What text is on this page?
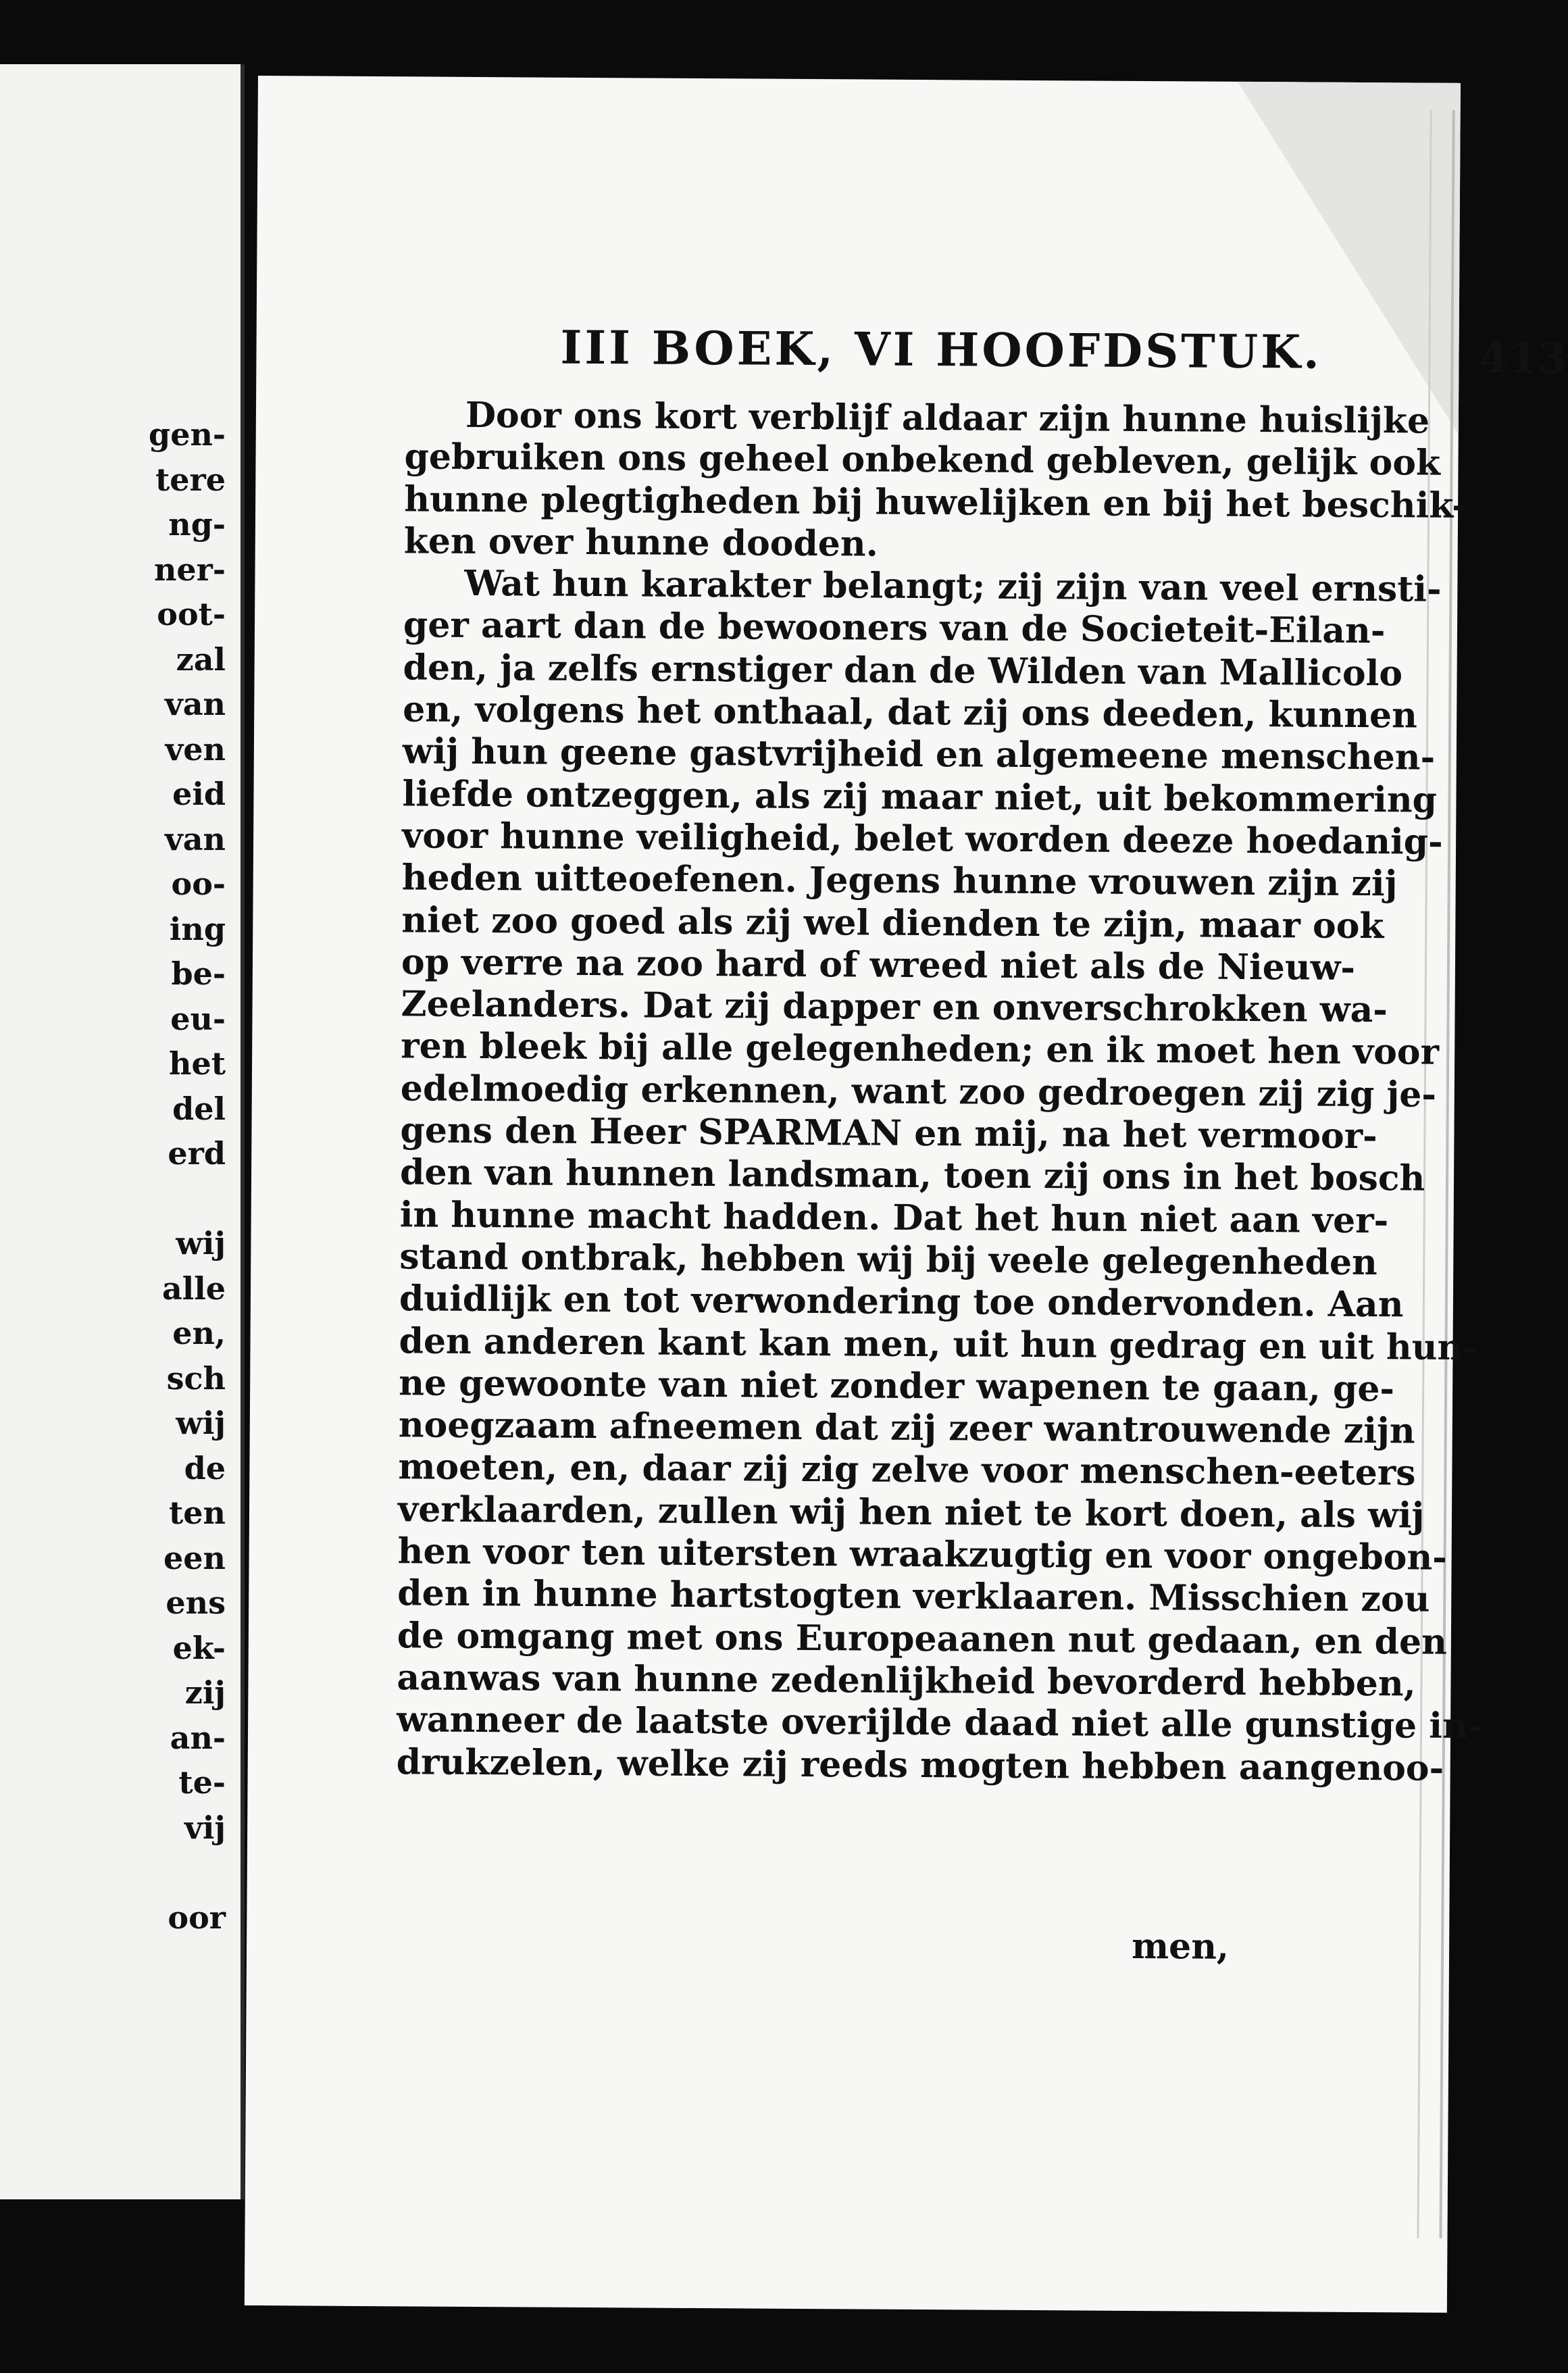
gen-
tere
ng-
ner-
oot-
zal
van
ven
eid
van
oo-
ing
be-
eu-
het
del
erd
wij
alle
en,
sch
wij
de
ten
een
ens
ek-
zij
an-
te-
vij
oor
III BOEK, VI HOOFDSTUK.	413
Door ons kort verblijf aldaar zijn hunne huislijke
gebruiken ons geheel onbekend gebleven, gelijk ook
hunne plegtigheden bij huwelijken en bij het beschik-
ken over hunne dooden.
Wat hun karakter belangt; zij zijn van veel ernsti-
ger aart dan de bewooners van de Societeit-Eilan-
den, ja zelfs ernstiger dan de Wilden van Mallicolo
en, volgens het onthaal, dat zij ons deeden, kunnen
wij hun geene gastvrijheid en algemeene menschen-
liefde ontzeggen, als zij maar niet, uit bekommering
voor hunne veiligheid, belet worden deeze hoedanig-
heden uitteoefenen. Jegens hunne vrouwen zijn zij
niet zoo goed als zij wel dienden te zijn, maar ook
op verre na zoo hard of wreed niet als de Nieuw-
Zeelanders. Dat zij dapper en onverschrokken wa-
ren bleek bij alle gelegenheden; en ik moet hen voor
edelmoedig erkennen, want zoo gedroegen zij zig je-
gens den Heer SPARMAN en mij, na het vermoor-
den van hunnen landsman, toen zij ons in het bosch
in hunne macht hadden. Dat het hun niet aan ver-
stand ontbrak, hebben wij bij veele gelegenheden
duidlijk en tot verwondering toe ondervonden. Aan
den anderen kant kan men, uit hun gedrag en uit hun-
ne gewoonte van niet zonder wapenen te gaan, ge-
noegzaam afneemen dat zij zeer wantrouwende zijn
moeten, en, daar zij zig zelve voor menschen-eeters
verklaarden, zullen wij hen niet te kort doen, als wij
hen voor ten uitersten wraakzugtig en voor ongebon-
den in hunne hartstogten verklaaren. Misschien zou
de omgang met ons Europeaanen nut gedaan, en den
aanwas van hunne zedenlijkheid bevorderd hebben,
wanneer de laatste overijlde daad niet alle gunstige in-
drukzelen, welke zij reeds mogten hebben aangenoo-
men,
